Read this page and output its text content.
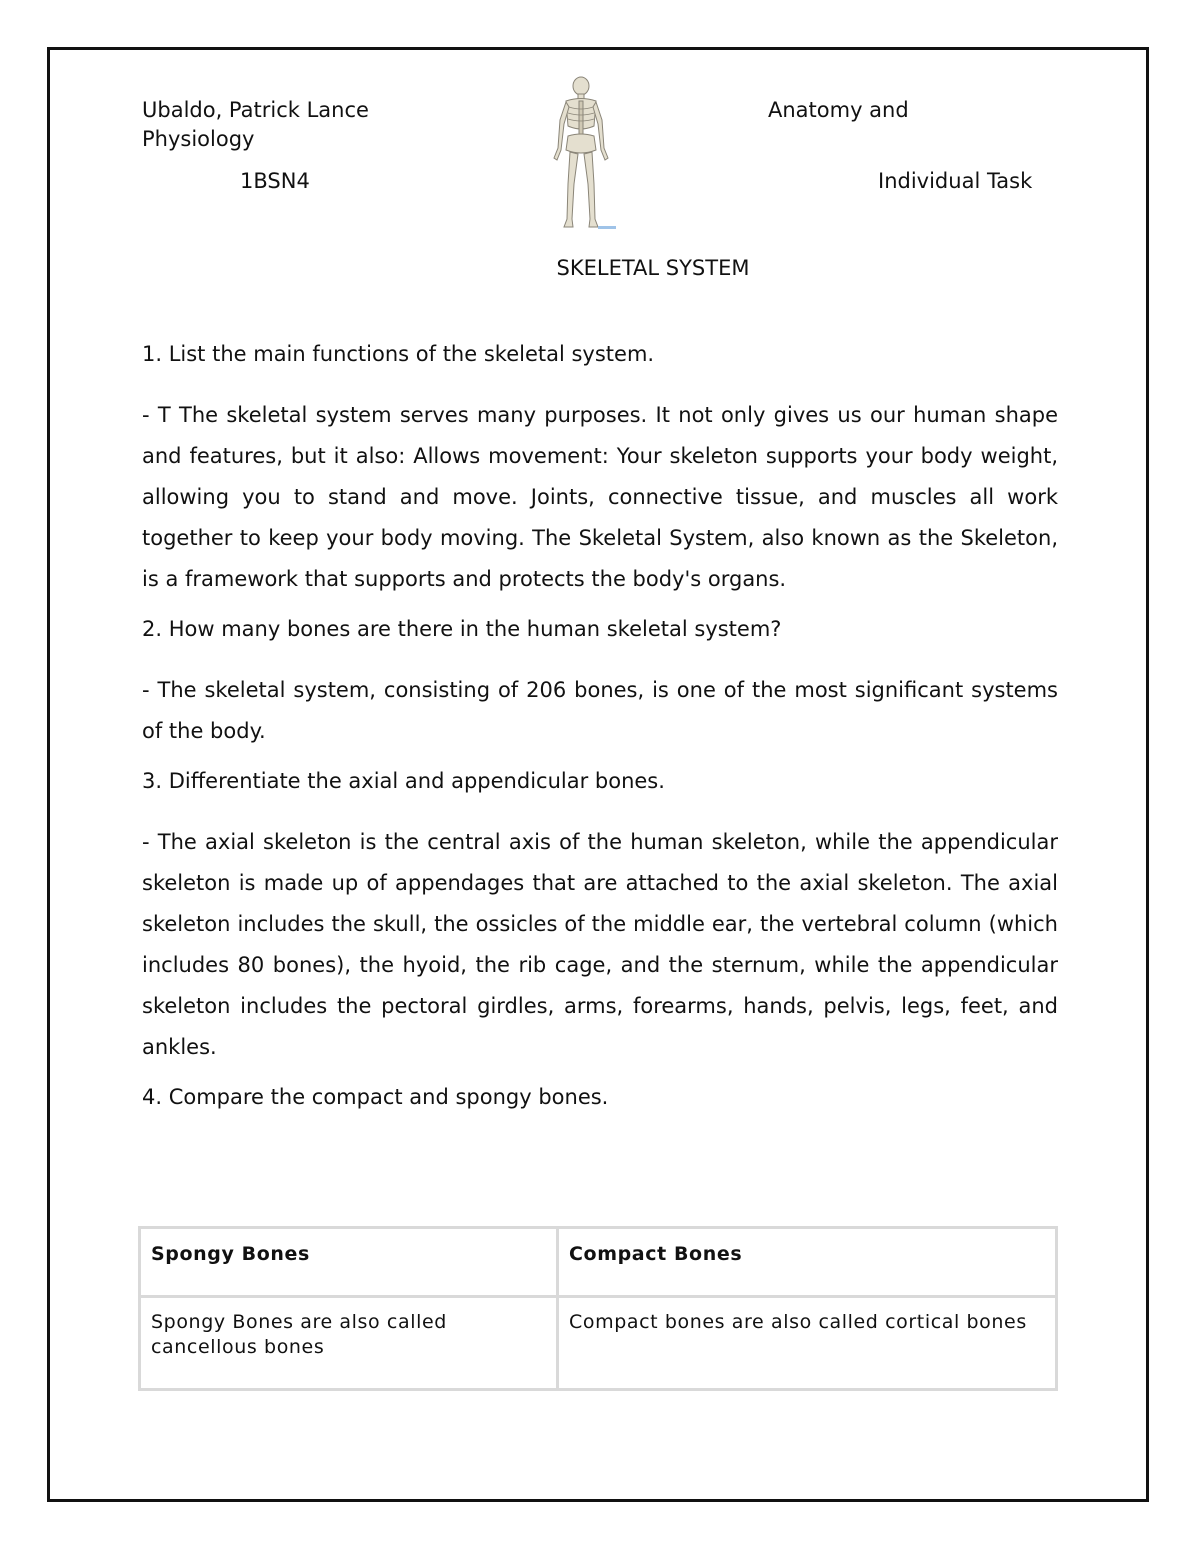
Ubaldo, Patrick Lance	Anatomy and
Physiology
1BSN4	Individual Task
SKELETAL SYSTEM

1. List the main functions of the skeletal system.

- T The skeletal system serves many purposes. It not only gives us our human shape and features, but it also: Allows movement: Your skeleton supports your body weight, allowing you to stand and move. Joints, connective tissue, and muscles all work together to keep your body moving. The Skeletal System, also known as the Skeleton, is a framework that supports and protects the body's organs.

2. How many bones are there in the human skeletal system?

- The skeletal system, consisting of 206 bones, is one of the most significant systems of the body.

3. Differentiate the axial and appendicular bones.

- The axial skeleton is the central axis of the human skeleton, while the appendicular skeleton is made up of appendages that are attached to the axial skeleton. The axial skeleton includes the skull, the ossicles of the middle ear, the vertebral column (which includes 80 bones), the hyoid, the rib cage, and the sternum, while the appendicular skeleton includes the pectoral girdles, arms, forearms, hands, pelvis, legs, feet, and ankles.

4. Compare the compact and spongy bones.

Spongy Bones	Compact Bones
Spongy Bones are also called cancellous bones	Compact bones are also called cortical bones
